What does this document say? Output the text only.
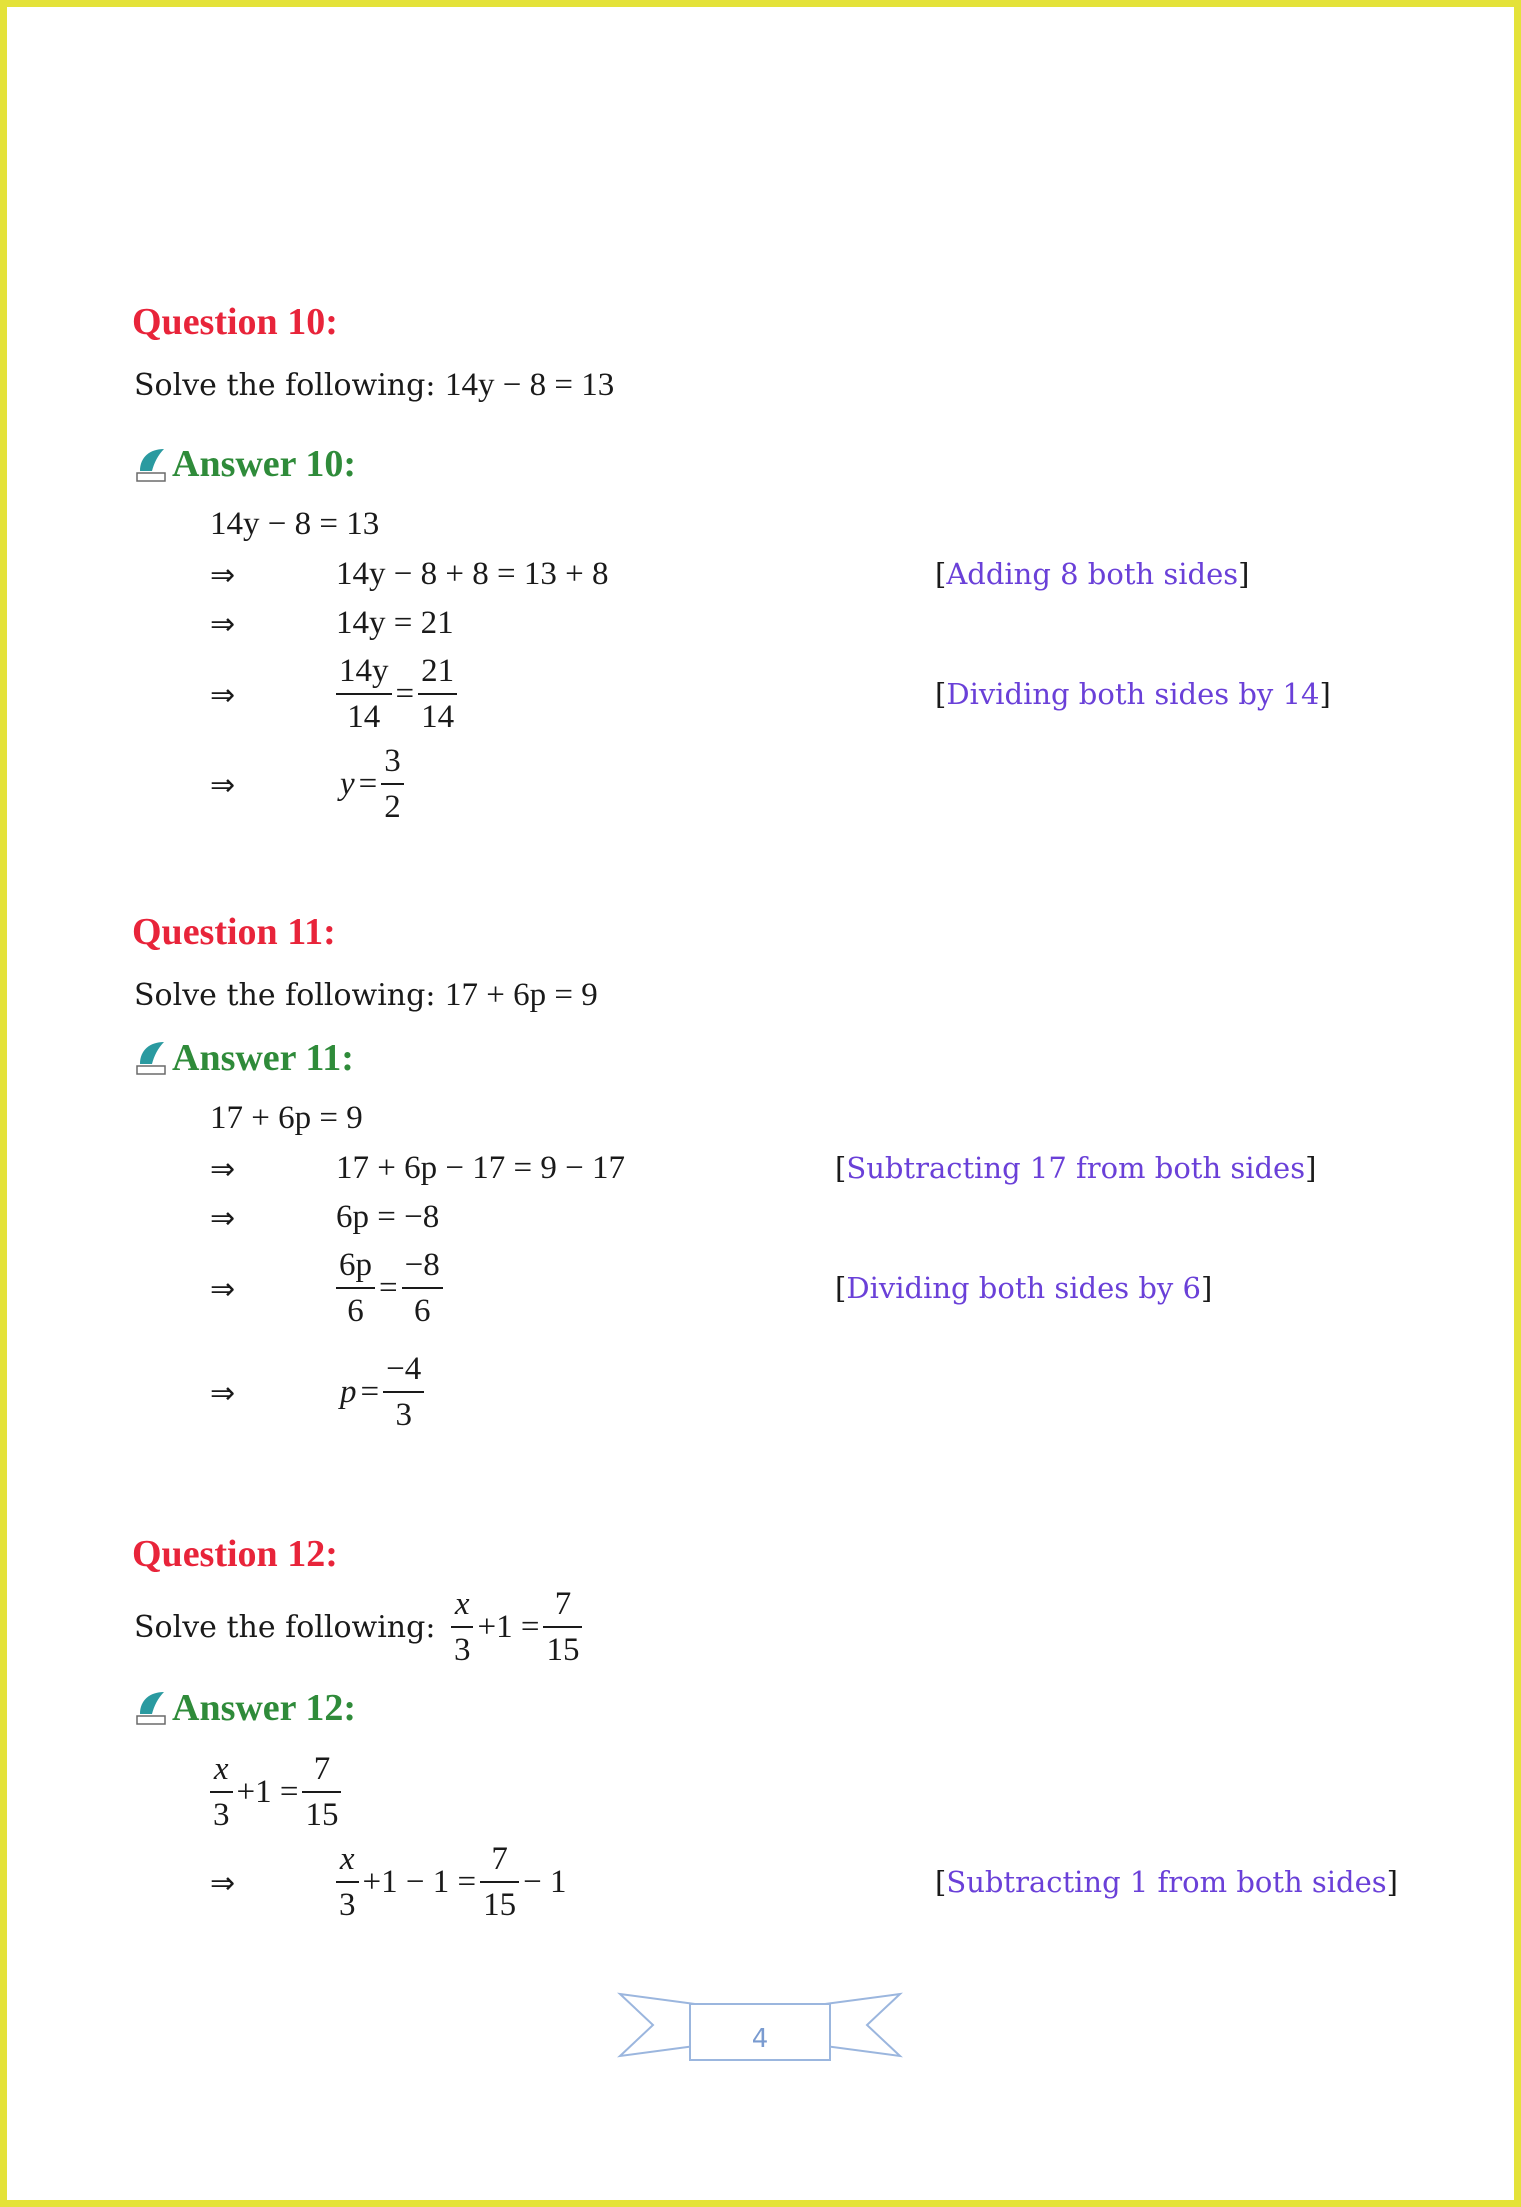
Question 10:
Solve the following: 14y − 8 = 13
Answer 10:
14y − 8 = 13
⇒	14y − 8 + 8 = 13 + 8	[Adding 8 both sides]
⇒	14y = 21
⇒	$\frac{14y}{14} = \frac{21}{14}$	[Dividing both sides by 14]
⇒	$y = \frac{3}{2}$
Question 11:
Solve the following: 17 + 6p = 9
Answer 11:
17 + 6p = 9
⇒	17 + 6p − 17 = 9 − 17	[Subtracting 17 from both sides]
⇒	6p = −8
⇒	$\frac{6p}{6} = \frac{-8}{6}$	[Dividing both sides by 6]
⇒	$p = \frac{-4}{3}$
Question 12:
Solve the following: $\frac{x}{3} +1 = \frac{7}{15}$
Answer 12:
$\frac{x}{3} +1 = \frac{7}{15}$
⇒	$\frac{x}{3} +1 - 1 = \frac{7}{15} - 1$	[Subtracting 1 from both sides]
4
